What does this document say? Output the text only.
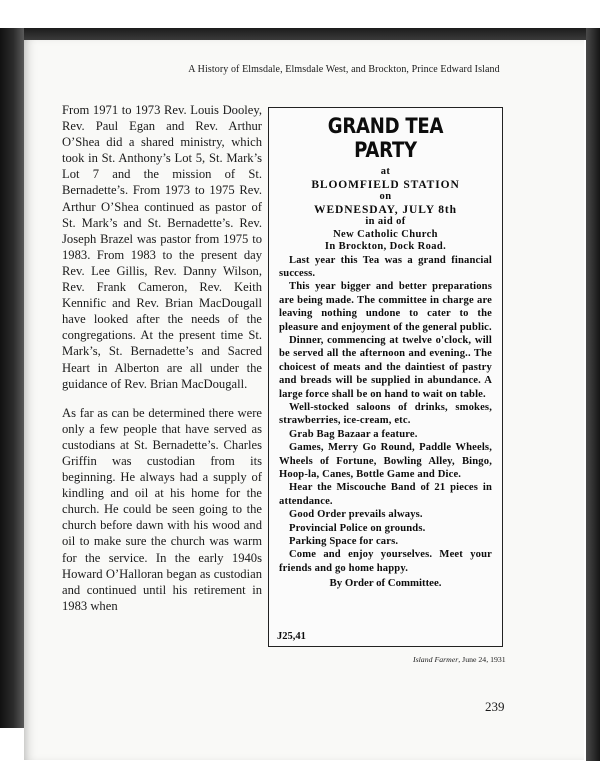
A History of Elmsdale, Elmsdale West, and Brockton, Prince Edward Island

From 1971 to 1973 Rev. Louis Dooley, Rev. Paul Egan and Rev. Arthur O’Shea did a shared ministry, which took in St. Anthony’s Lot 5, St. Mark’s Lot 7 and the mission of St. Bernadette’s. From 1973 to 1975 Rev. Arthur O’Shea continued as pastor of St. Mark’s and St. Bernadette’s. Rev. Joseph Brazel was pastor from 1975 to 1983. From 1983 to the present day Rev. Lee Gillis, Rev. Danny Wilson, Rev. Frank Cameron, Rev. Keith Kennific and Rev. Brian MacDougall have looked after the needs of the congregations. At the present time St. Mark’s, St. Bernadette’s and Sacred Heart in Alberton are all under the guidance of Rev. Brian MacDougall.

As far as can be determined there were only a few people that have served as custodians at St. Bernadette’s. Charles Griffin was custodian from its beginning. He always had a supply of kindling and oil at his home for the church. He could be seen going to the church before dawn with his wood and oil to make sure the church was warm for the service. In the early 1940s Howard O’Halloran began as custodian and continued until his retirement in 1983 when

GRAND TEA PARTY
at
BLOOMFIELD STATION
on
WEDNESDAY, JULY 8th
in aid of
New Catholic Church
In Brockton, Dock Road.

Last year this Tea was a grand financial success.

This year bigger and better preparations are being made. The committee in charge are leaving nothing undone to cater to the pleasure and enjoyment of the general public.

Dinner, commencing at twelve o'clock, will be served all the afternoon and evening.. The choicest of meats and the daintiest of pastry and breads will be supplied in abundance. A large force shall be on hand to wait on table.

Well-stocked saloons of drinks, smokes, strawberries, ice-cream, etc.

Grab Bag Bazaar a feature.

Games, Merry Go Round, Paddle Wheels, Wheels of Fortune, Bowling Alley, Bingo, Hoop-la, Canes, Bottle Game and Dice.

Hear the Miscouche Band of 21 pieces in attendance.

Good Order prevails always.

Provincial Police on grounds.

Parking Space for cars.

Come and enjoy yourselves. Meet your friends and go home happy.

By Order of Committee.
J25,41
Island Farmer, June 24, 1931
239
